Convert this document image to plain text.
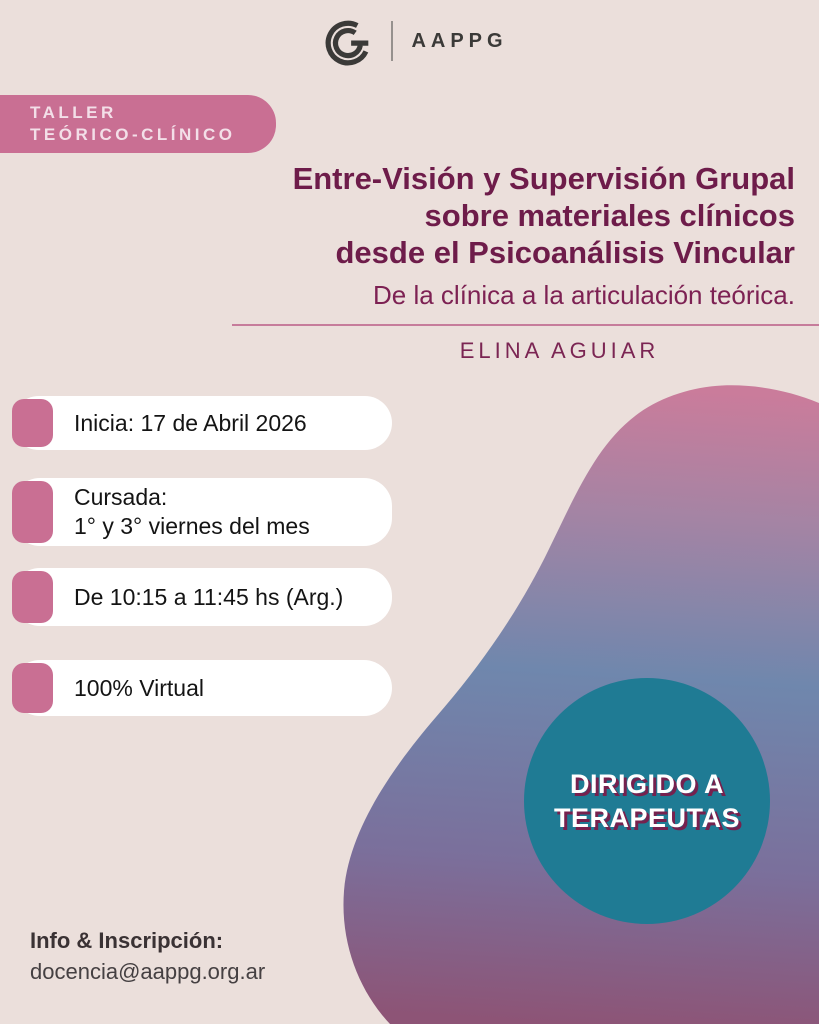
AAPPG
TALLER
TEÓRICO-CLÍNICO
Entre-Visión y Supervisión Grupal
sobre materiales clínicos
desde el Psicoanálisis Vincular
De la clínica a la articulación teórica.
ELINA AGUIAR
Inicia: 17 de Abril 2026
Cursada:
1° y 3° viernes del mes
De 10:15 a 11:45 hs (Arg.)
100% Virtual
DIRIGIDO A
TERAPEUTAS
Info & Inscripción:
docencia@aappg.org.ar
